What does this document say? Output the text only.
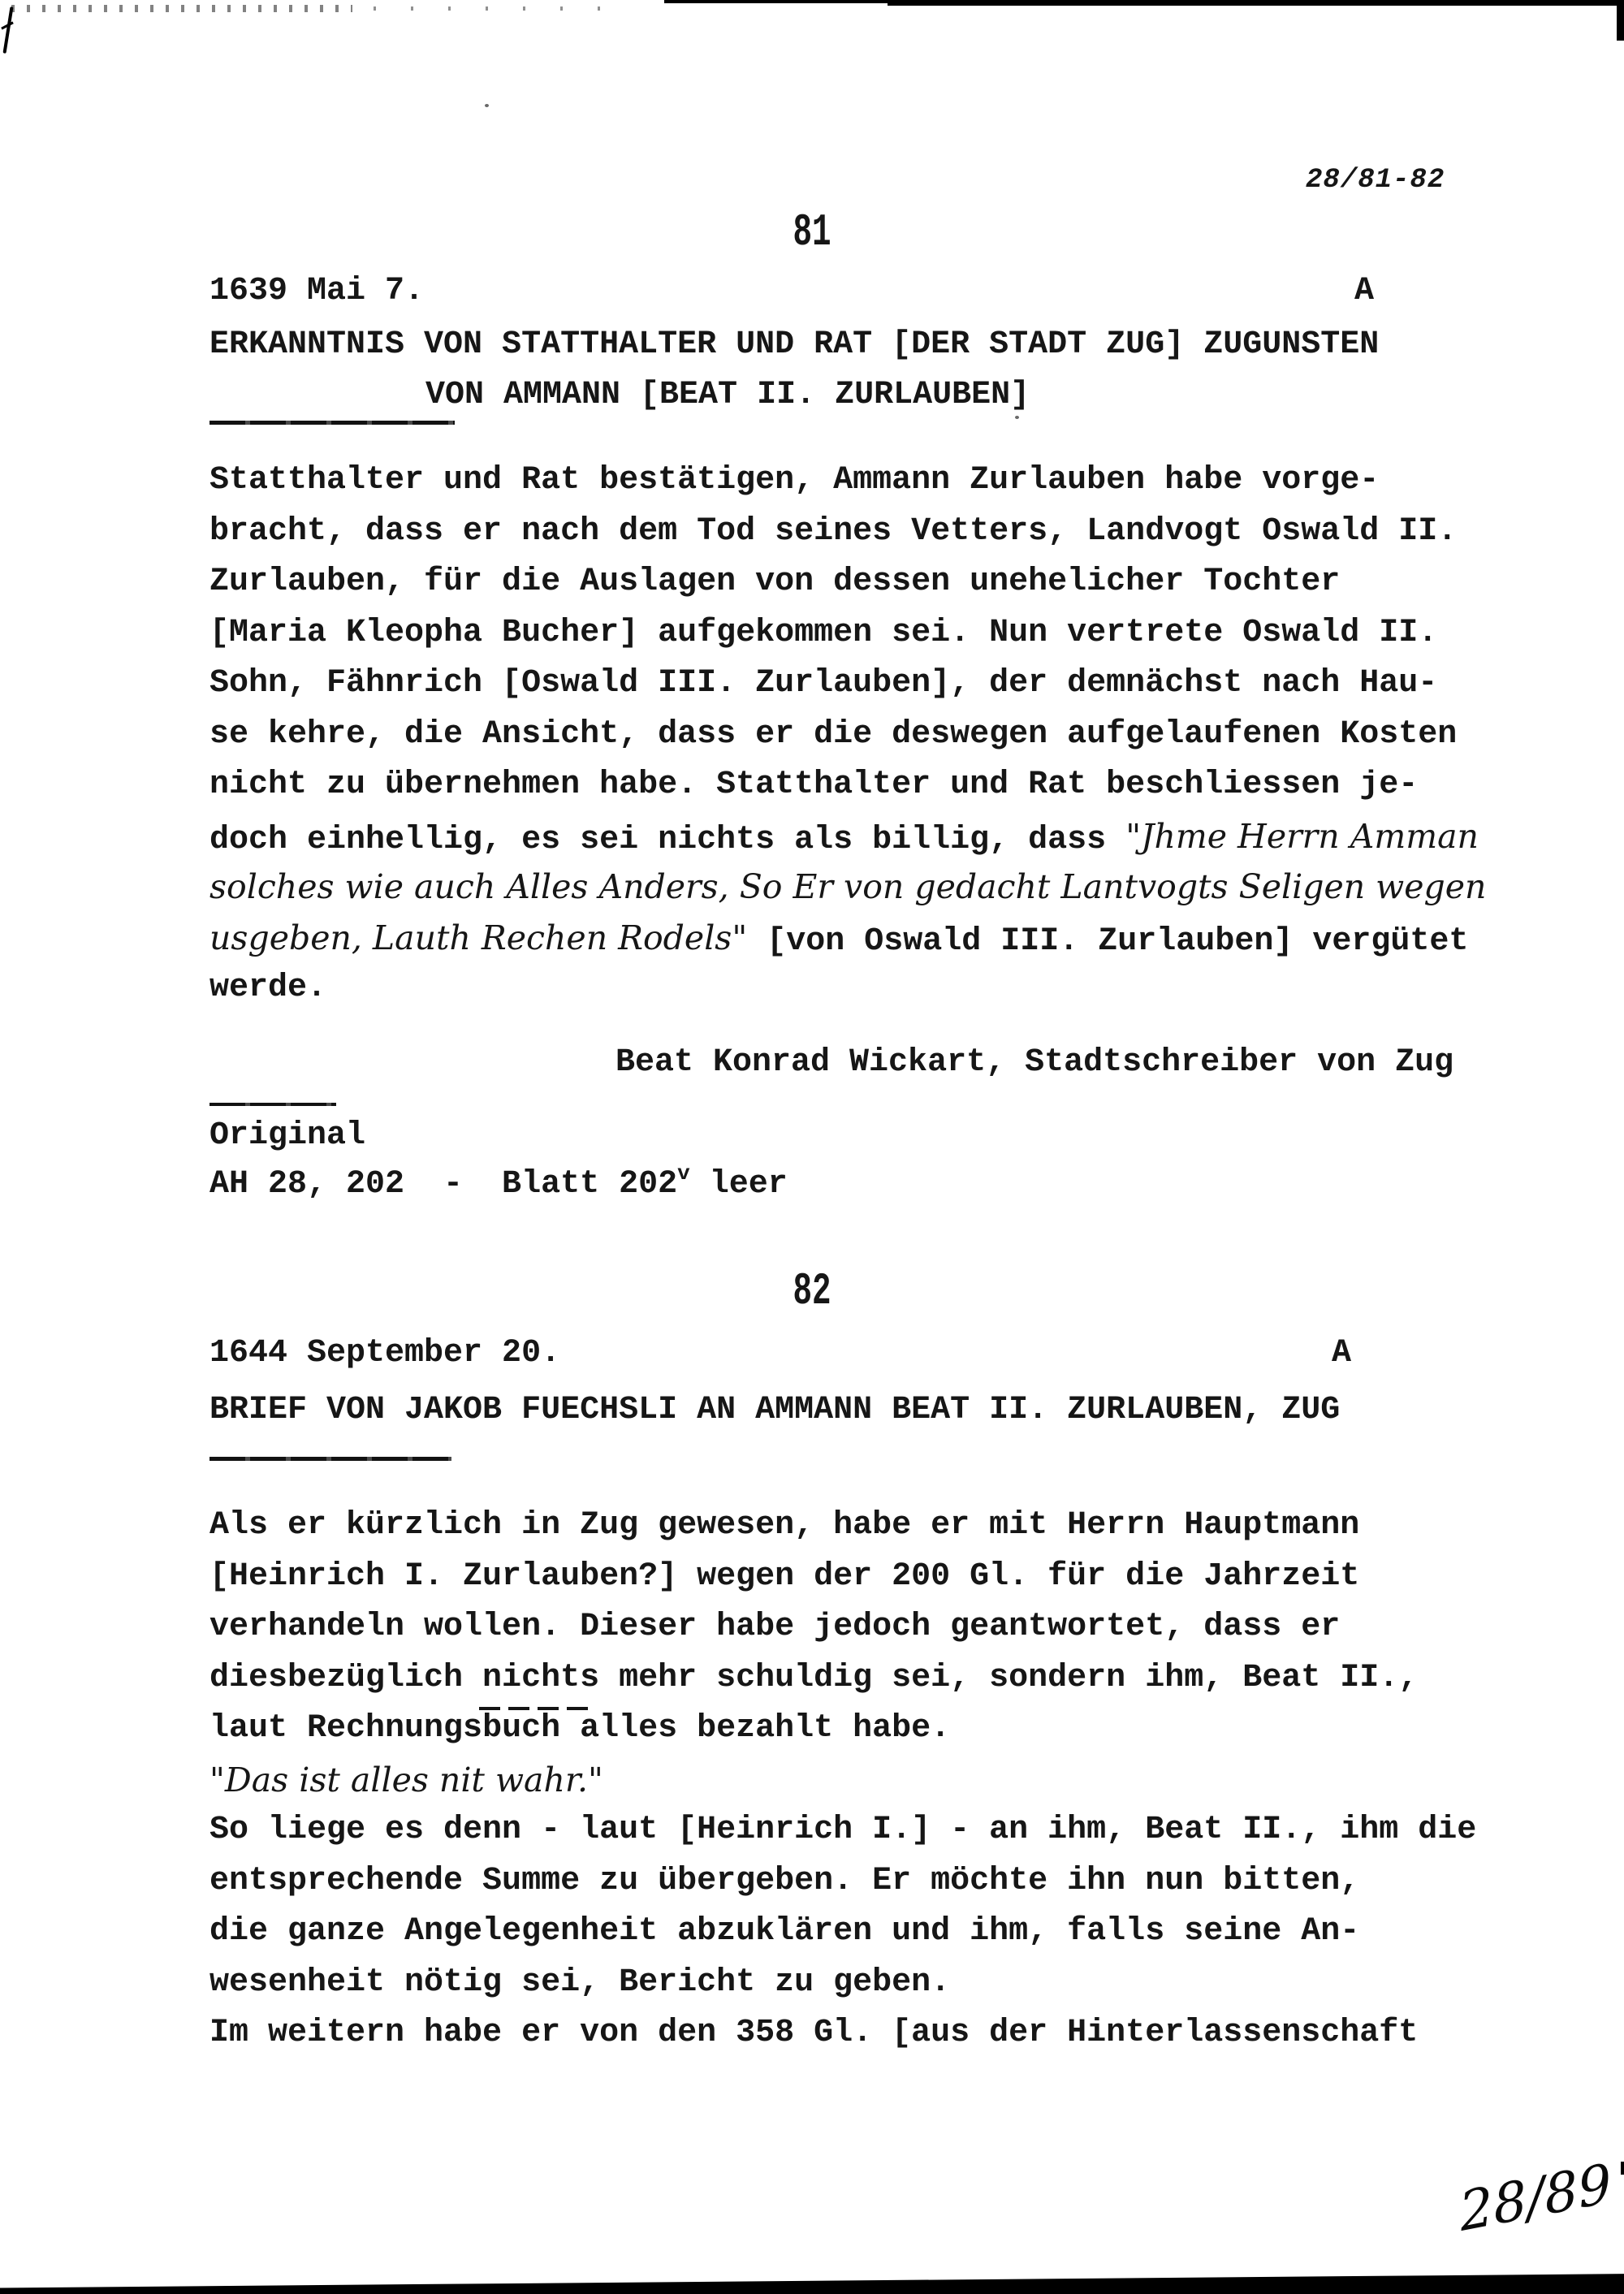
28/81-82
81
1639 Mai 7.	A
ERKANNTNIS VON STATTHALTER UND RAT [DER STADT ZUG] ZUGUNSTEN
VON AMMANN [BEAT II. ZURLAUBEN]
Statthalter und Rat bestätigen, Ammann Zurlauben habe vorge-
bracht, dass er nach dem Tod seines Vetters, Landvogt Oswald II.
Zurlauben, für die Auslagen von dessen unehelicher Tochter
[Maria Kleopha Bucher] aufgekommen sei. Nun vertrete Oswald II.
Sohn, Fähnrich [Oswald III. Zurlauben], der demnächst nach Hau-
se kehre, die Ansicht, dass er die deswegen aufgelaufenen Kosten
nicht zu übernehmen habe. Statthalter und Rat beschliessen je-
doch einhellig, es sei nichts als billig, dass "Jhme Herrn Amman
solches wie auch Alles Anders, So Er von gedacht Lantvogts Seligen wegen
usgeben, Lauth Rechen Rodels" [von Oswald III. Zurlauben] vergütet
werde.
Beat Konrad Wickart, Stadtschreiber von Zug
Original
AH 28, 202  -  Blatt 202$^v$ leer
82
1644 September 20.	A
BRIEF VON JAKOB FUECHSLI AN AMMANN BEAT II. ZURLAUBEN, ZUG
Als er kürzlich in Zug gewesen, habe er mit Herrn Hauptmann
[Heinrich I. Zurlauben?] wegen der 200 Gl. für die Jahrzeit
verhandeln wollen. Dieser habe jedoch geantwortet, dass er
diesbezüglich nichts mehr schuldig sei, sondern ihm, Beat II.,
laut Rechnungsbuch alles bezahlt habe.
"Das ist alles nit wahr."
So liege es denn - laut [Heinrich I.] - an ihm, Beat II., ihm die
entsprechende Summe zu übergeben. Er möchte ihn nun bitten,
die ganze Angelegenheit abzuklären und ihm, falls seine An-
wesenheit nötig sei, Bericht zu geben.
Im weitern habe er von den 358 Gl. [aus der Hinterlassenschaft
28/89
